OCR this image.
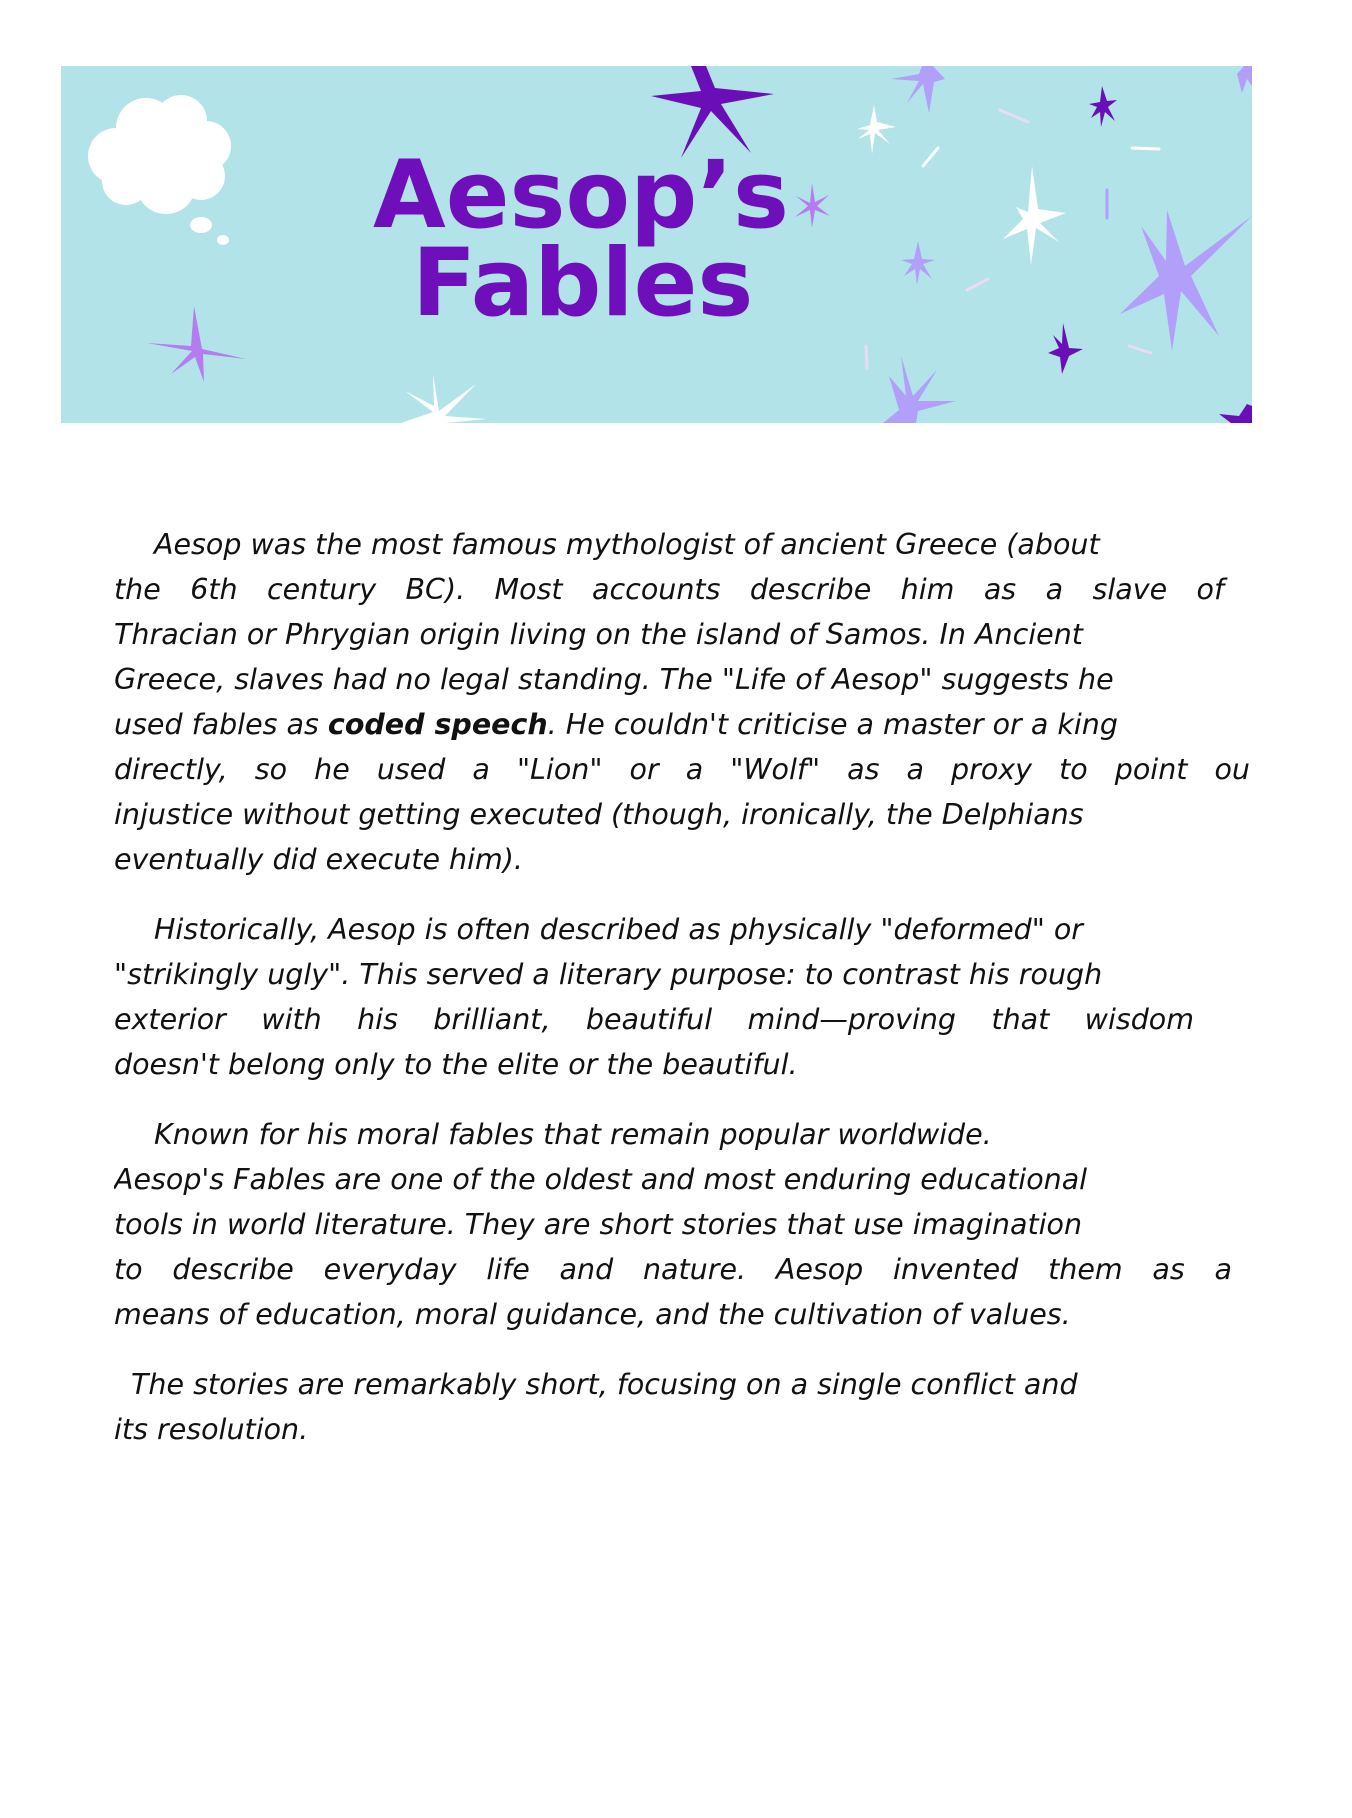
Aesop’s
Fables
Aesop was the most famous mythologist of ancient Greece (about
the 6th century BC). Most accounts describe him as a slave of
Thracian or Phrygian origin living on the island of Samos. In Ancient
Greece, slaves had no legal standing. The "Life of Aesop" suggests he
used fables as coded speech. He couldn't criticise a master or a king
directly, so he used a "Lion" or a "Wolf" as a proxy to point ou
injustice without getting executed (though, ironically, the Delphians
eventually did execute him).
Historically, Aesop is often described as physically "deformed" or
"strikingly ugly". This served a literary purpose: to contrast his rough
exterior with his brilliant, beautiful mind—proving that wisdom
doesn't belong only to the elite or the beautiful.
Known for his moral fables that remain popular worldwide.
Aesop's Fables are one of the oldest and most enduring educational
tools in world literature. They are short stories that use imagination
to describe everyday life and nature. Aesop invented them as a
means of education, moral guidance, and the cultivation of values.
The stories are remarkably short, focusing on a single conflict and
its resolution.
